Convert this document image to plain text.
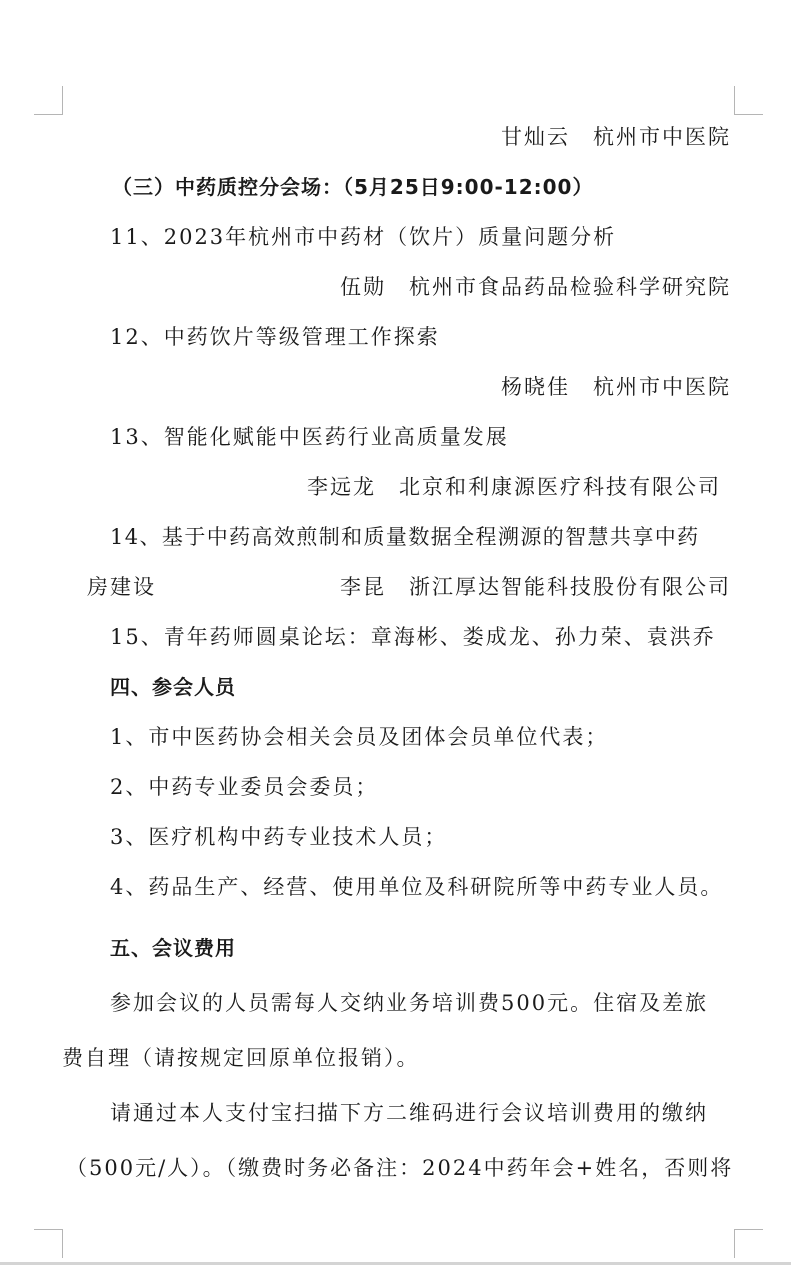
甘灿云　杭州市中医院
（三）中药质控分会场：（5月25日9:00-12:00）
11、2023年杭州市中药材（饮片）质量问题分析
伍勋　杭州市食品药品检验科学研究院
12、中药饮片等级管理工作探索
杨晓佳　杭州市中医院
13、智能化赋能中医药行业高质量发展
李远龙　北京和利康源医疗科技有限公司
14、基于中药高效煎制和质量数据全程溯源的智慧共享中药
房建设	李昆　浙江厚达智能科技股份有限公司
15、青年药师圆桌论坛：章海彬、娄成龙、孙力荣、袁洪乔
四、参会人员
1、市中医药协会相关会员及团体会员单位代表；
2、中药专业委员会委员；
3、医疗机构中药专业技术人员；
4、药品生产、经营、使用单位及科研院所等中药专业人员。
五、会议费用
参加会议的人员需每人交纳业务培训费500元。住宿及差旅
费自理（请按规定回原单位报销）。
请通过本人支付宝扫描下方二维码进行会议培训费用的缴纳
（500元/人）。（缴费时务必备注：2024中药年会+姓名，否则将
